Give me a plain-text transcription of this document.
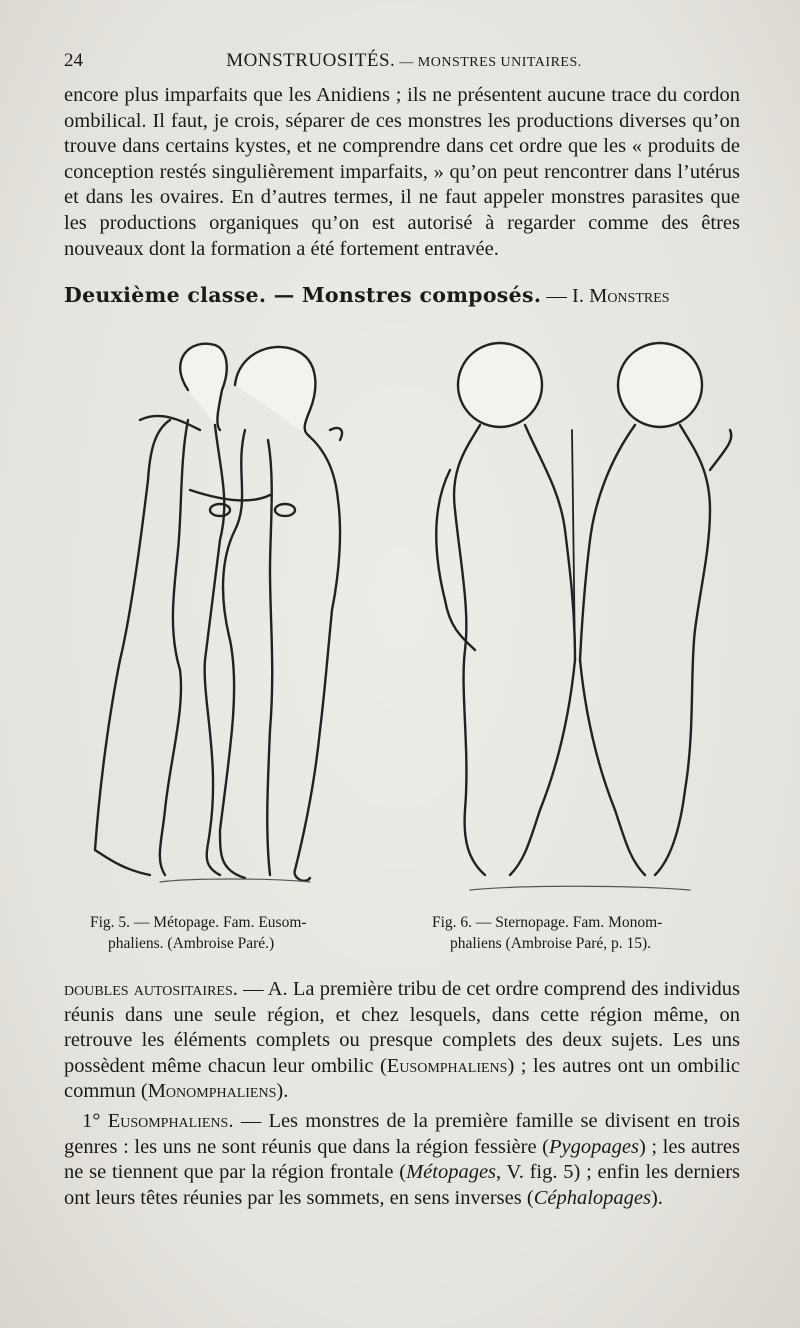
24	MONSTRUOSITÉS. — MONSTRES UNITAIRES.

encore plus imparfaits que les Anidiens ; ils ne présentent aucune trace du cordon ombilical. Il faut, je crois, séparer de ces monstres les productions diverses qu’on trouve dans certains kystes, et ne comprendre dans cet ordre que les « produits de conception restés singulièrement imparfaits, » qu’on peut rencontrer dans l’utérus et dans les ovaires. En d’autres termes, il ne faut appeler monstres parasites que les productions organiques qu’on est autorisé à regarder comme des êtres nouveaux dont la formation a été fortement entravée.

Deuxième classe. — Monstres composés. — I. Monstres
Fig. 5. — Métopage. Fam. Eusom-
phaliens. (Ambroise Paré.)
Fig. 6. — Sternopage. Fam. Monom-
phaliens (Ambroise Paré, p. 15).

doubles autositaires. — A. La première tribu de cet ordre comprend des individus réunis dans une seule région, et chez lesquels, dans cette région même, on retrouve les éléments complets ou presque complets des deux sujets. Les uns possèdent même chacun leur ombilic (Eusomphaliens) ; les autres ont un ombilic commun (Monomphaliens).

1° Eusomphaliens. — Les monstres de la première famille se divisent en trois genres : les uns ne sont réunis que dans la région fessière (Pygopages) ; les autres ne se tiennent que par la région frontale (Métopages, V. fig. 5) ; enfin les derniers ont leurs têtes réunies par les sommets, en sens inverses (Céphalopages).
